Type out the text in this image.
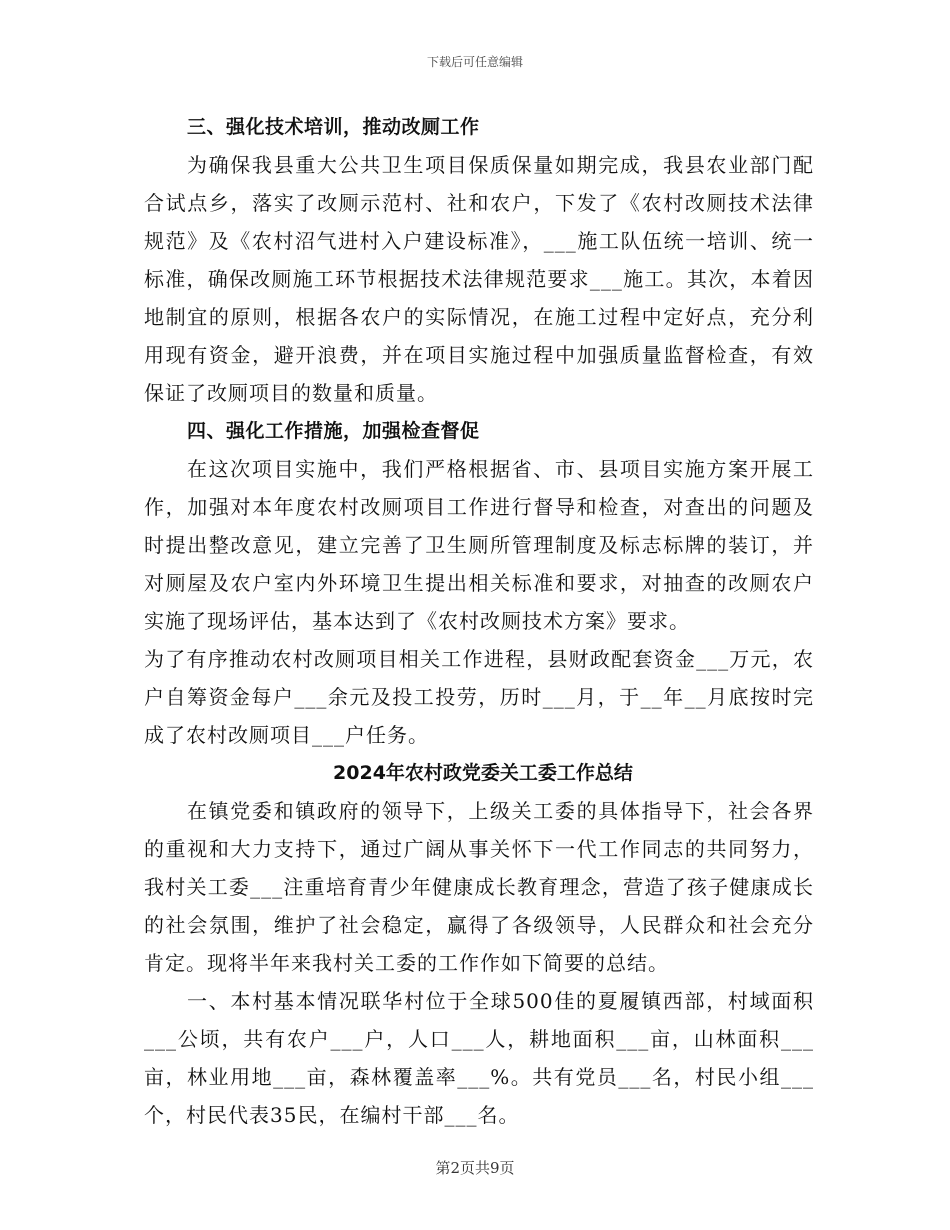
下载后可任意编辑
三、强化技术培训，推动改厕工作

为确保我县重大公共卫生项目保质保量如期完成，我县农业部门配合试点乡，落实了改厕示范村、社和农户，下发了《农村改厕技术法律规范》及《农村沼气进村入户建设标准》，___施工队伍统一培训、统一标准，确保改厕施工环节根据技术法律规范要求___施工。其次，本着因地制宜的原则，根据各农户的实际情况，在施工过程中定好点，充分利用现有资金，避开浪费，并在项目实施过程中加强质量监督检查，有效保证了改厕项目的数量和质量。

四、强化工作措施，加强检查督促

在这次项目实施中，我们严格根据省、市、县项目实施方案开展工作，加强对本年度农村改厕项目工作进行督导和检查，对查出的问题及时提出整改意见，建立完善了卫生厕所管理制度及标志标牌的装订，并对厕屋及农户室内外环境卫生提出相关标准和要求，对抽查的改厕农户实施了现场评估，基本达到了《农村改厕技术方案》要求。

为了有序推动农村改厕项目相关工作进程，县财政配套资金___万元，农户自筹资金每户___余元及投工投劳，历时___月，于__年__月底按时完成了农村改厕项目___户任务。

2024年农村政党委关工委工作总结

在镇党委和镇政府的领导下，上级关工委的具体指导下，社会各界的重视和大力支持下，通过广阔从事关怀下一代工作同志的共同努力，我村关工委___注重培育青少年健康成长教育理念，营造了孩子健康成长的社会氛围，维护了社会稳定，赢得了各级领导，人民群众和社会充分肯定。现将半年来我村关工委的工作作如下简要的总结。

一、本村基本情况联华村位于全球500佳的夏履镇西部，村域面积___公顷，共有农户___户，人口___人，耕地面积___亩，山林面积___亩，林业用地___亩，森林覆盖率___%。共有党员___名，村民小组___个，村民代表35民，在编村干部___名。

第2页共9页
